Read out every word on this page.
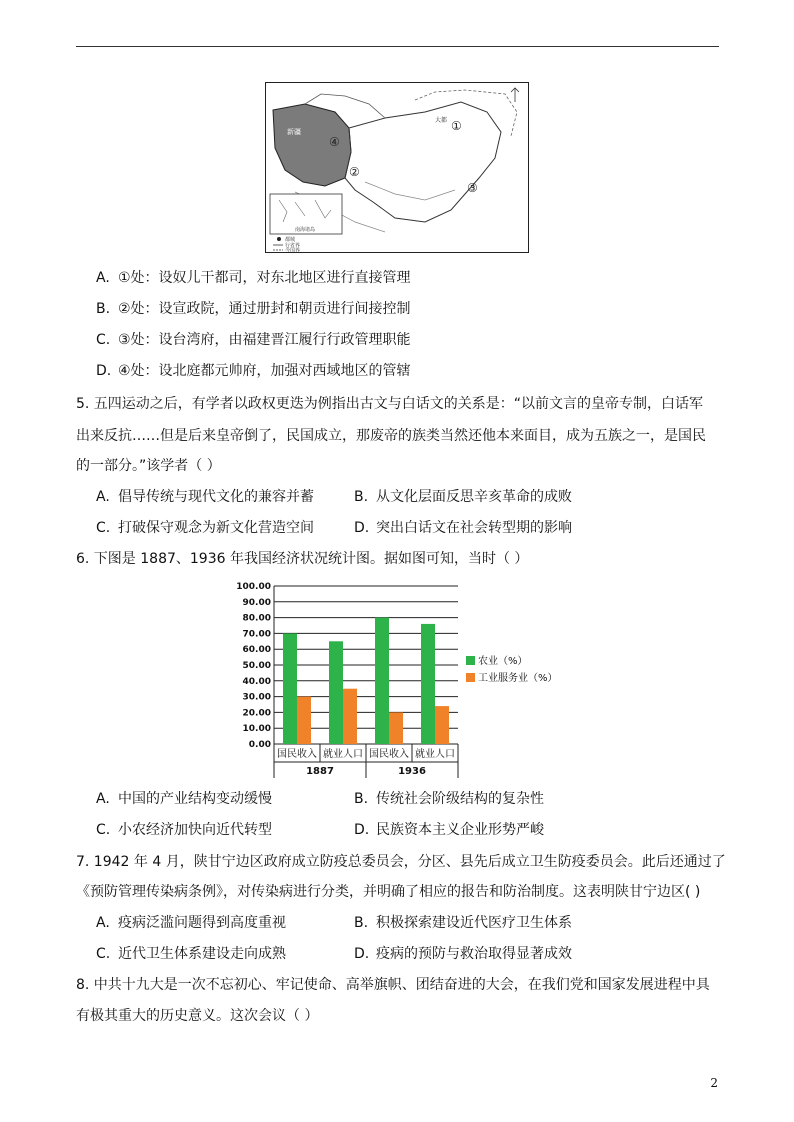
南海诸岛
新疆
大都 ①
②
③
④
都城
行省界
今国界
A. ①处：设奴儿干都司，对东北地区进行直接管理
B. ②处：设宣政院，通过册封和朝贡进行间接控制
C. ③处：设台湾府，由福建晋江履行行政管理职能
D. ④处：设北庭都元帅府，加强对西域地区的管辖
5. 五四运动之后，有学者以政权更迭为例指出古文与白话文的关系是：“以前文言的皇帝专制，白话军
出来反抗……但是后来皇帝倒了，民国成立，那废帝的族类当然还他本来面目，成为五族之一，是国民
的一部分。”该学者（ ）
A. 倡导传统与现代文化的兼容并蓄	B. 从文化层面反思辛亥革命的成败
C. 打破保守观念为新文化营造空间	D. 突出白话文在社会转型期的影响
6. 下图是 1887、1936 年我国经济状况统计图。据如图可知，当时（ ）
100.00
90.00
80.00
70.00
60.00
50.00
40.00
30.00
20.00
10.00
0.00
国民收入 就业人口 国民收入 就业人口
1887	1936
农业（%）
工业服务业（%）
A. 中国的产业结构变动缓慢	B. 传统社会阶级结构的复杂性
C. 小农经济加快向近代转型	D. 民族资本主义企业形势严峻
7. 1942 年 4 月，陕甘宁边区政府成立防疫总委员会，分区、县先后成立卫生防疫委员会。此后还通过了
《预防管理传染病条例》，对传染病进行分类，并明确了相应的报告和防治制度。这表明陕甘宁边区( )
A. 疫病泛滥问题得到高度重视	B. 积极探索建设近代医疗卫生体系
C. 近代卫生体系建设走向成熟	D. 疫病的预防与救治取得显著成效
8. 中共十九大是一次不忘初心、牢记使命、高举旗帜、团结奋进的大会，在我们党和国家发展进程中具
有极其重大的历史意义。这次会议（ ）
2
